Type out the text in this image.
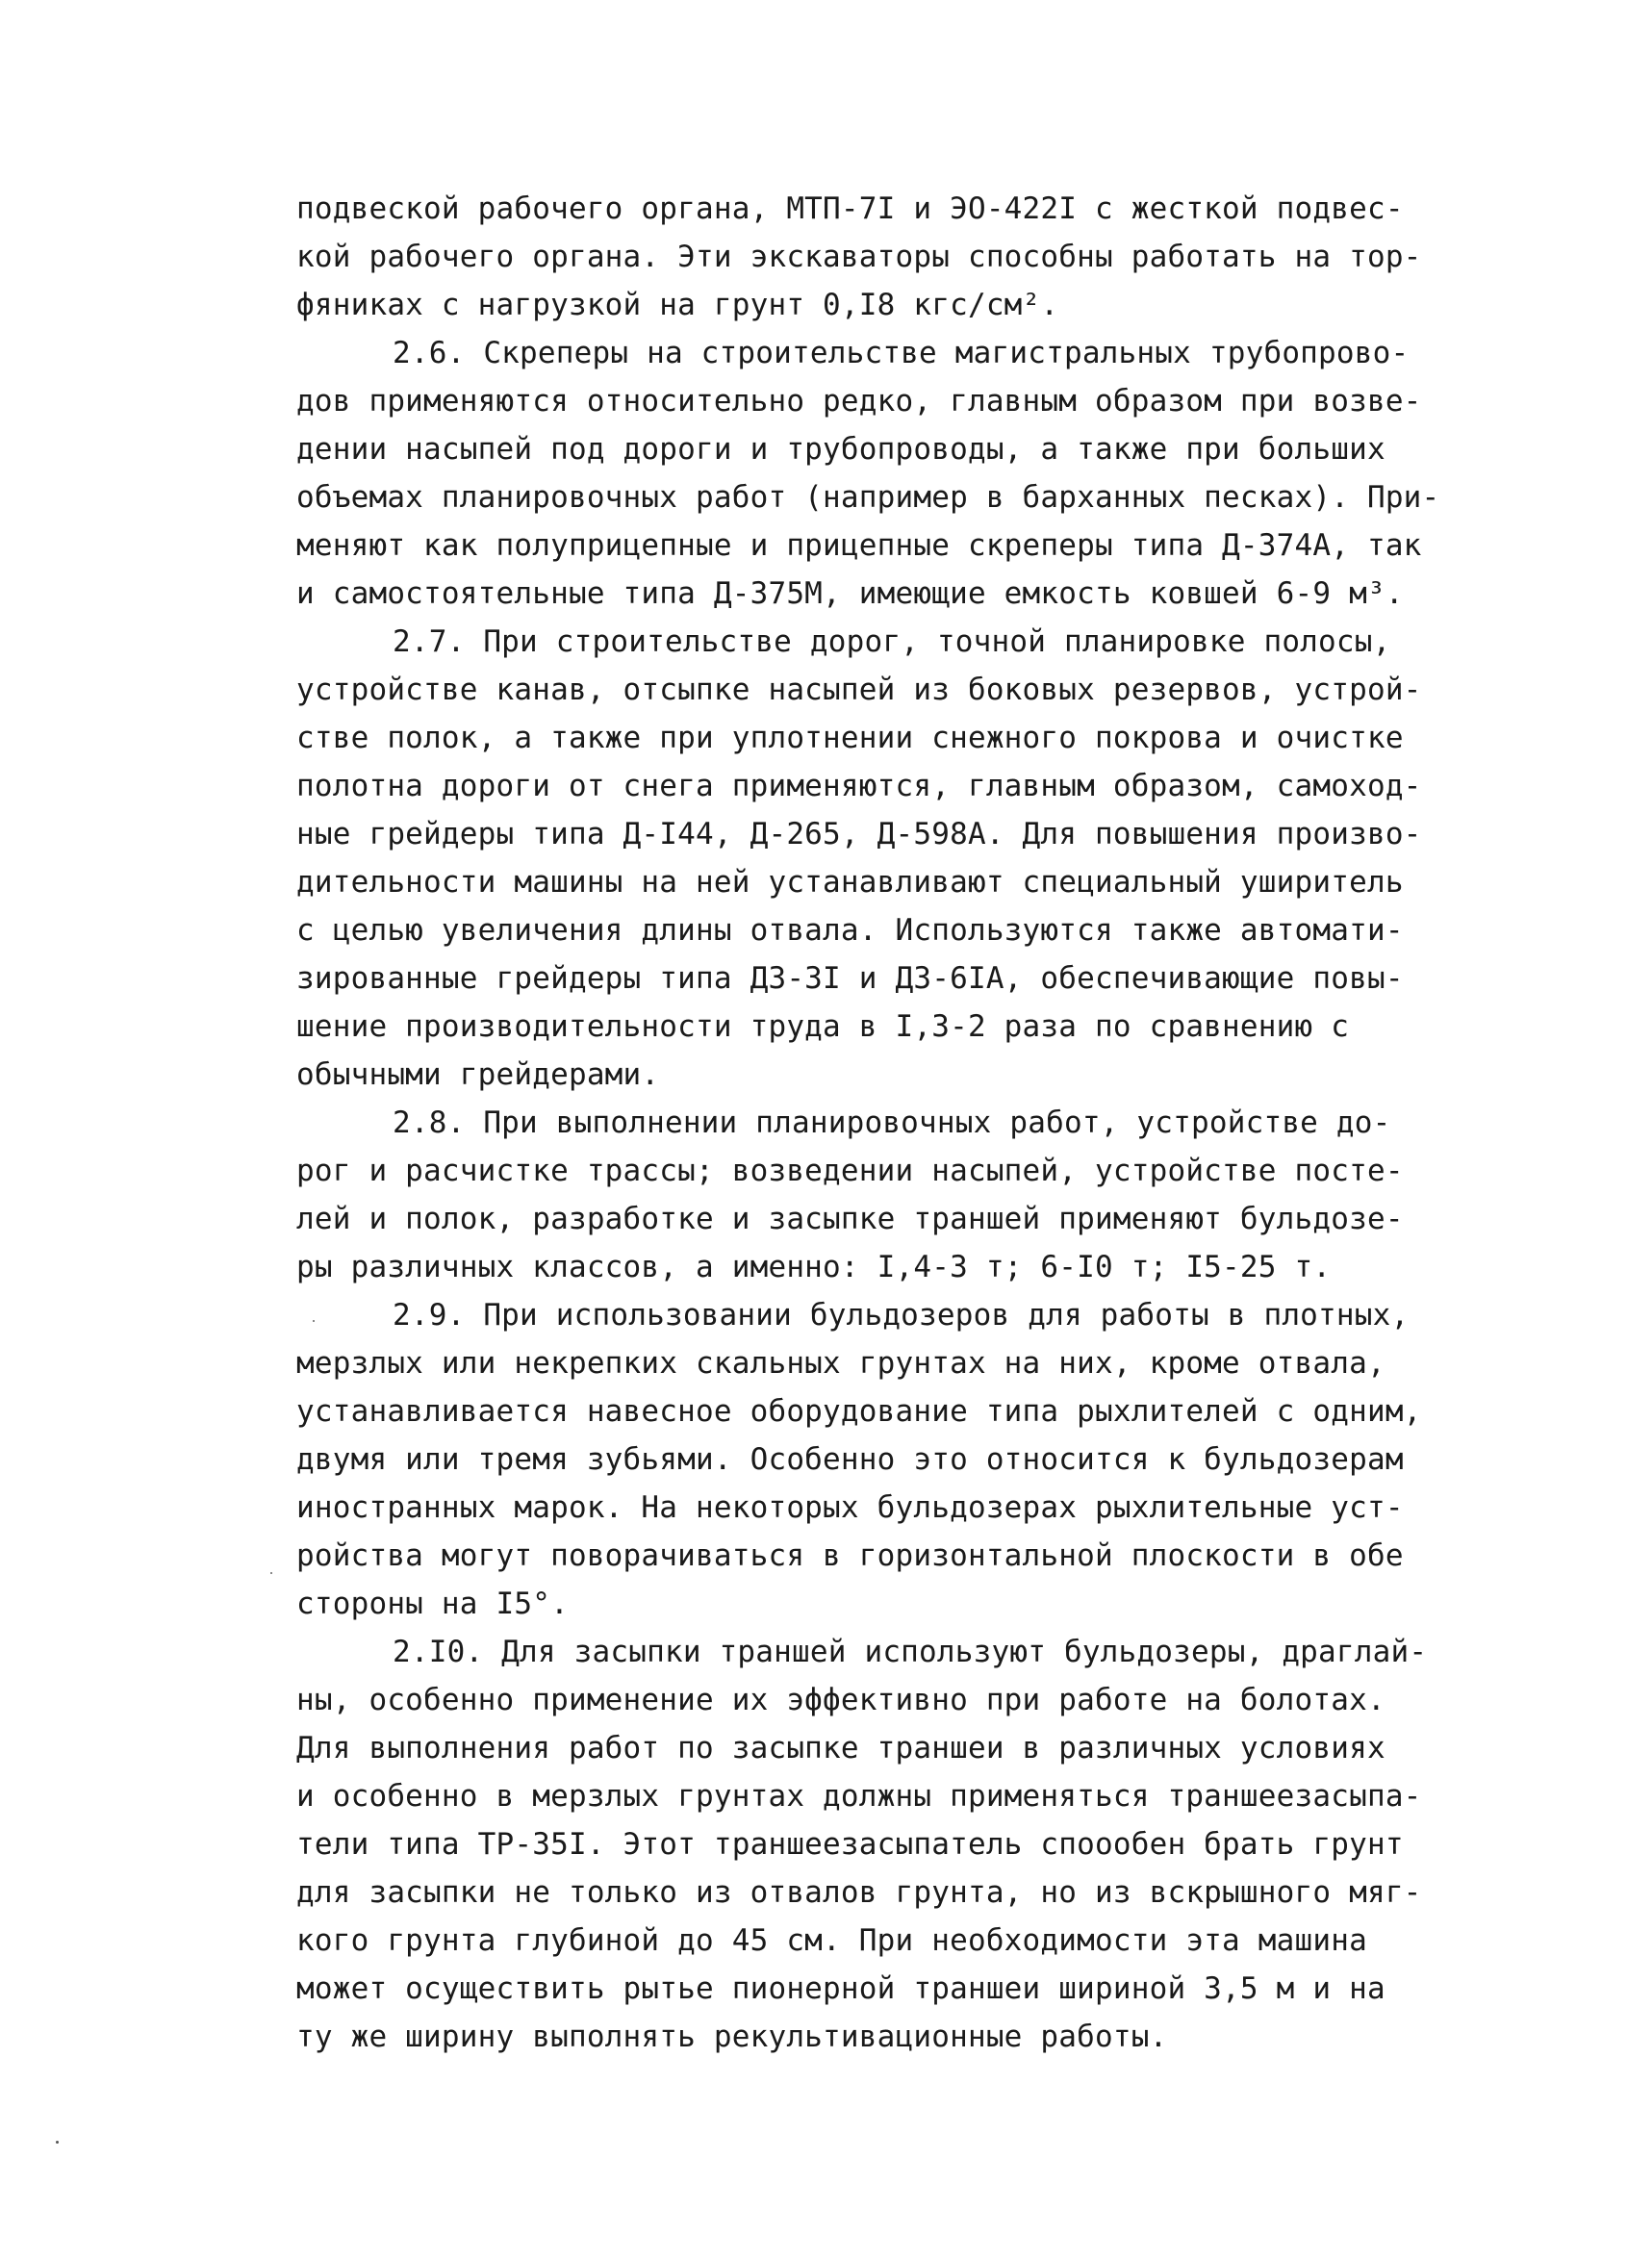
подвеской рабочего органа, МТП-7I и ЭО-422I с жесткой подвес-
кой рабочего органа. Эти экскаваторы способны работать на тор-
фяниках с нагрузкой на грунт 0,I8 кгс/см².
2.6. Скреперы на строительстве магистральных трубопрово-
дов применяются относительно редко, главным образом при возве-
дении насыпей под дороги и трубопроводы, а также при больших
объемах планировочных работ (например в барханных песках). При-
меняют как полуприцепные и прицепные скреперы типа Д-374А, так
и самостоятельные типа Д-375М, имеющие емкость ковшей 6-9 м³.
2.7. При строительстве дорог, точной планировке полосы,
устройстве канав, отсыпке насыпей из боковых резервов, устрой-
стве полок, а также при уплотнении снежного покрова и очистке
полотна дороги от снега применяются, главным образом, самоход-
ные грейдеры типа Д-I44, Д-265, Д-598А. Для повышения произво-
дительности машины на ней устанавливают специальный уширитель
с целью увеличения длины отвала. Используются также автомати-
зированные грейдеры типа ДЗ-3I и ДЗ-6IА, обеспечивающие повы-
шение производительности труда в I,3-2 раза по сравнению с
обычными грейдерами.
2.8. При выполнении планировочных работ, устройстве до-
рог и расчистке трассы; возведении насыпей, устройстве посте-
лей и полок, разработке и засыпке траншей применяют бульдозе-
ры различных классов, а именно: I,4-3 т; 6-I0 т; I5-25 т.
2.9. При использовании бульдозеров для работы в плотных,
мерзлых или некрепких скальных грунтах на них, кроме отвала,
устанавливается навесное оборудование типа рыхлителей с одним,
двумя или тремя зубьями. Особенно это относится к бульдозерам
иностранных марок. На некоторых бульдозерах рыхлительные уст-
ройства могут поворачиваться в горизонтальной плоскости в обе
стороны на I5°.
2.I0. Для засыпки траншей используют бульдозеры, драглай-
ны, особенно применение их эффективно при работе на болотах.
Для выполнения работ по засыпке траншеи в различных условиях
и особенно в мерзлых грунтах должны применяться траншеезасыпа-
тели типа ТР-35I. Этот траншеезасыпатель спооoбен брать грунт
для засыпки не только из отвалов грунта, но из вскрышного мяг-
кого грунта глубиной до 45 см. При необходимости эта машина
может осуществить рытье пионерной траншеи шириной 3,5 м и на
ту же ширину выполнять рекультивационные работы.
